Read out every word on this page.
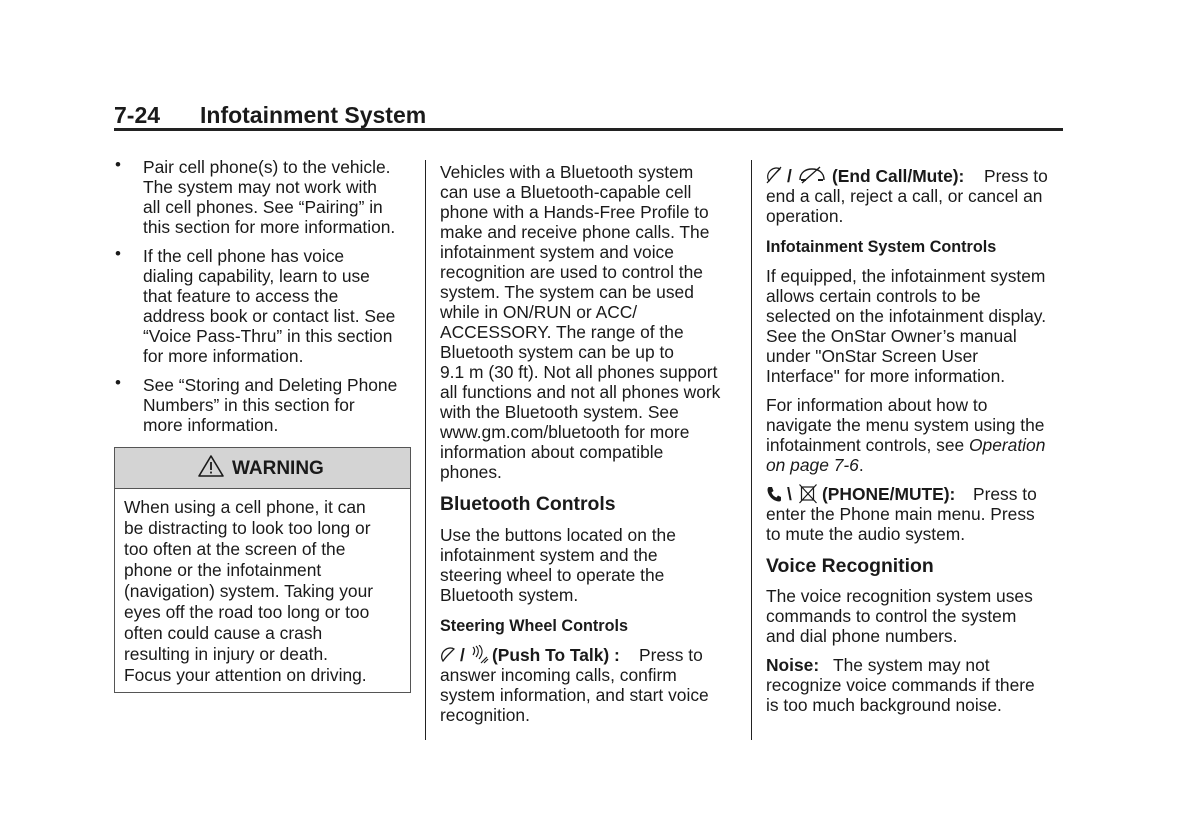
7-24 Infotainment System
• Pair cell phone(s) to the vehicle.
The system may not work with
all cell phones. See “Pairing” in
this section for more information.
• If the cell phone has voice
dialing capability, learn to use
that feature to access the
address book or contact list. See
“Voice Pass-Thru” in this section
for more information.
• See “Storing and Deleting Phone
Numbers” in this section for
more information.
WARNING
When using a cell phone, it can
be distracting to look too long or
too often at the screen of the
phone or the infotainment
(navigation) system. Taking your
eyes off the road too long or too
often could cause a crash
resulting in injury or death.
Focus your attention on driving.
Vehicles with a Bluetooth system
can use a Bluetooth-capable cell
phone with a Hands-Free Profile to
make and receive phone calls. The
infotainment system and voice
recognition are used to control the
system. The system can be used
while in ON/RUN or ACC/
ACCESSORY. The range of the
Bluetooth system can be up to
9.1 m (30 ft). Not all phones support
all functions and not all phones work
with the Bluetooth system. See
www.gm.com/bluetooth for more
information about compatible
phones.
Bluetooth Controls
Use the buttons located on the
infotainment system and the
steering wheel to operate the
Bluetooth system.
Steering Wheel Controls
/ (Push To Talk) : Press to
answer incoming calls, confirm
system information, and start voice
recognition.
/ (End Call/Mute): Press to
end a call, reject a call, or cancel an
operation.
Infotainment System Controls
If equipped, the infotainment system
allows certain controls to be
selected on the infotainment display.
See the OnStar Owner’s manual
under "OnStar Screen User
Interface" for more information.
For information about how to
navigate the menu system using the
infotainment controls, see Operation
on page 7-6.
\ (PHONE/MUTE): Press to
enter the Phone main menu. Press
to mute the audio system.
Voice Recognition
The voice recognition system uses
commands to control the system
and dial phone numbers.
Noise: The system may not
recognize voice commands if there
is too much background noise.
